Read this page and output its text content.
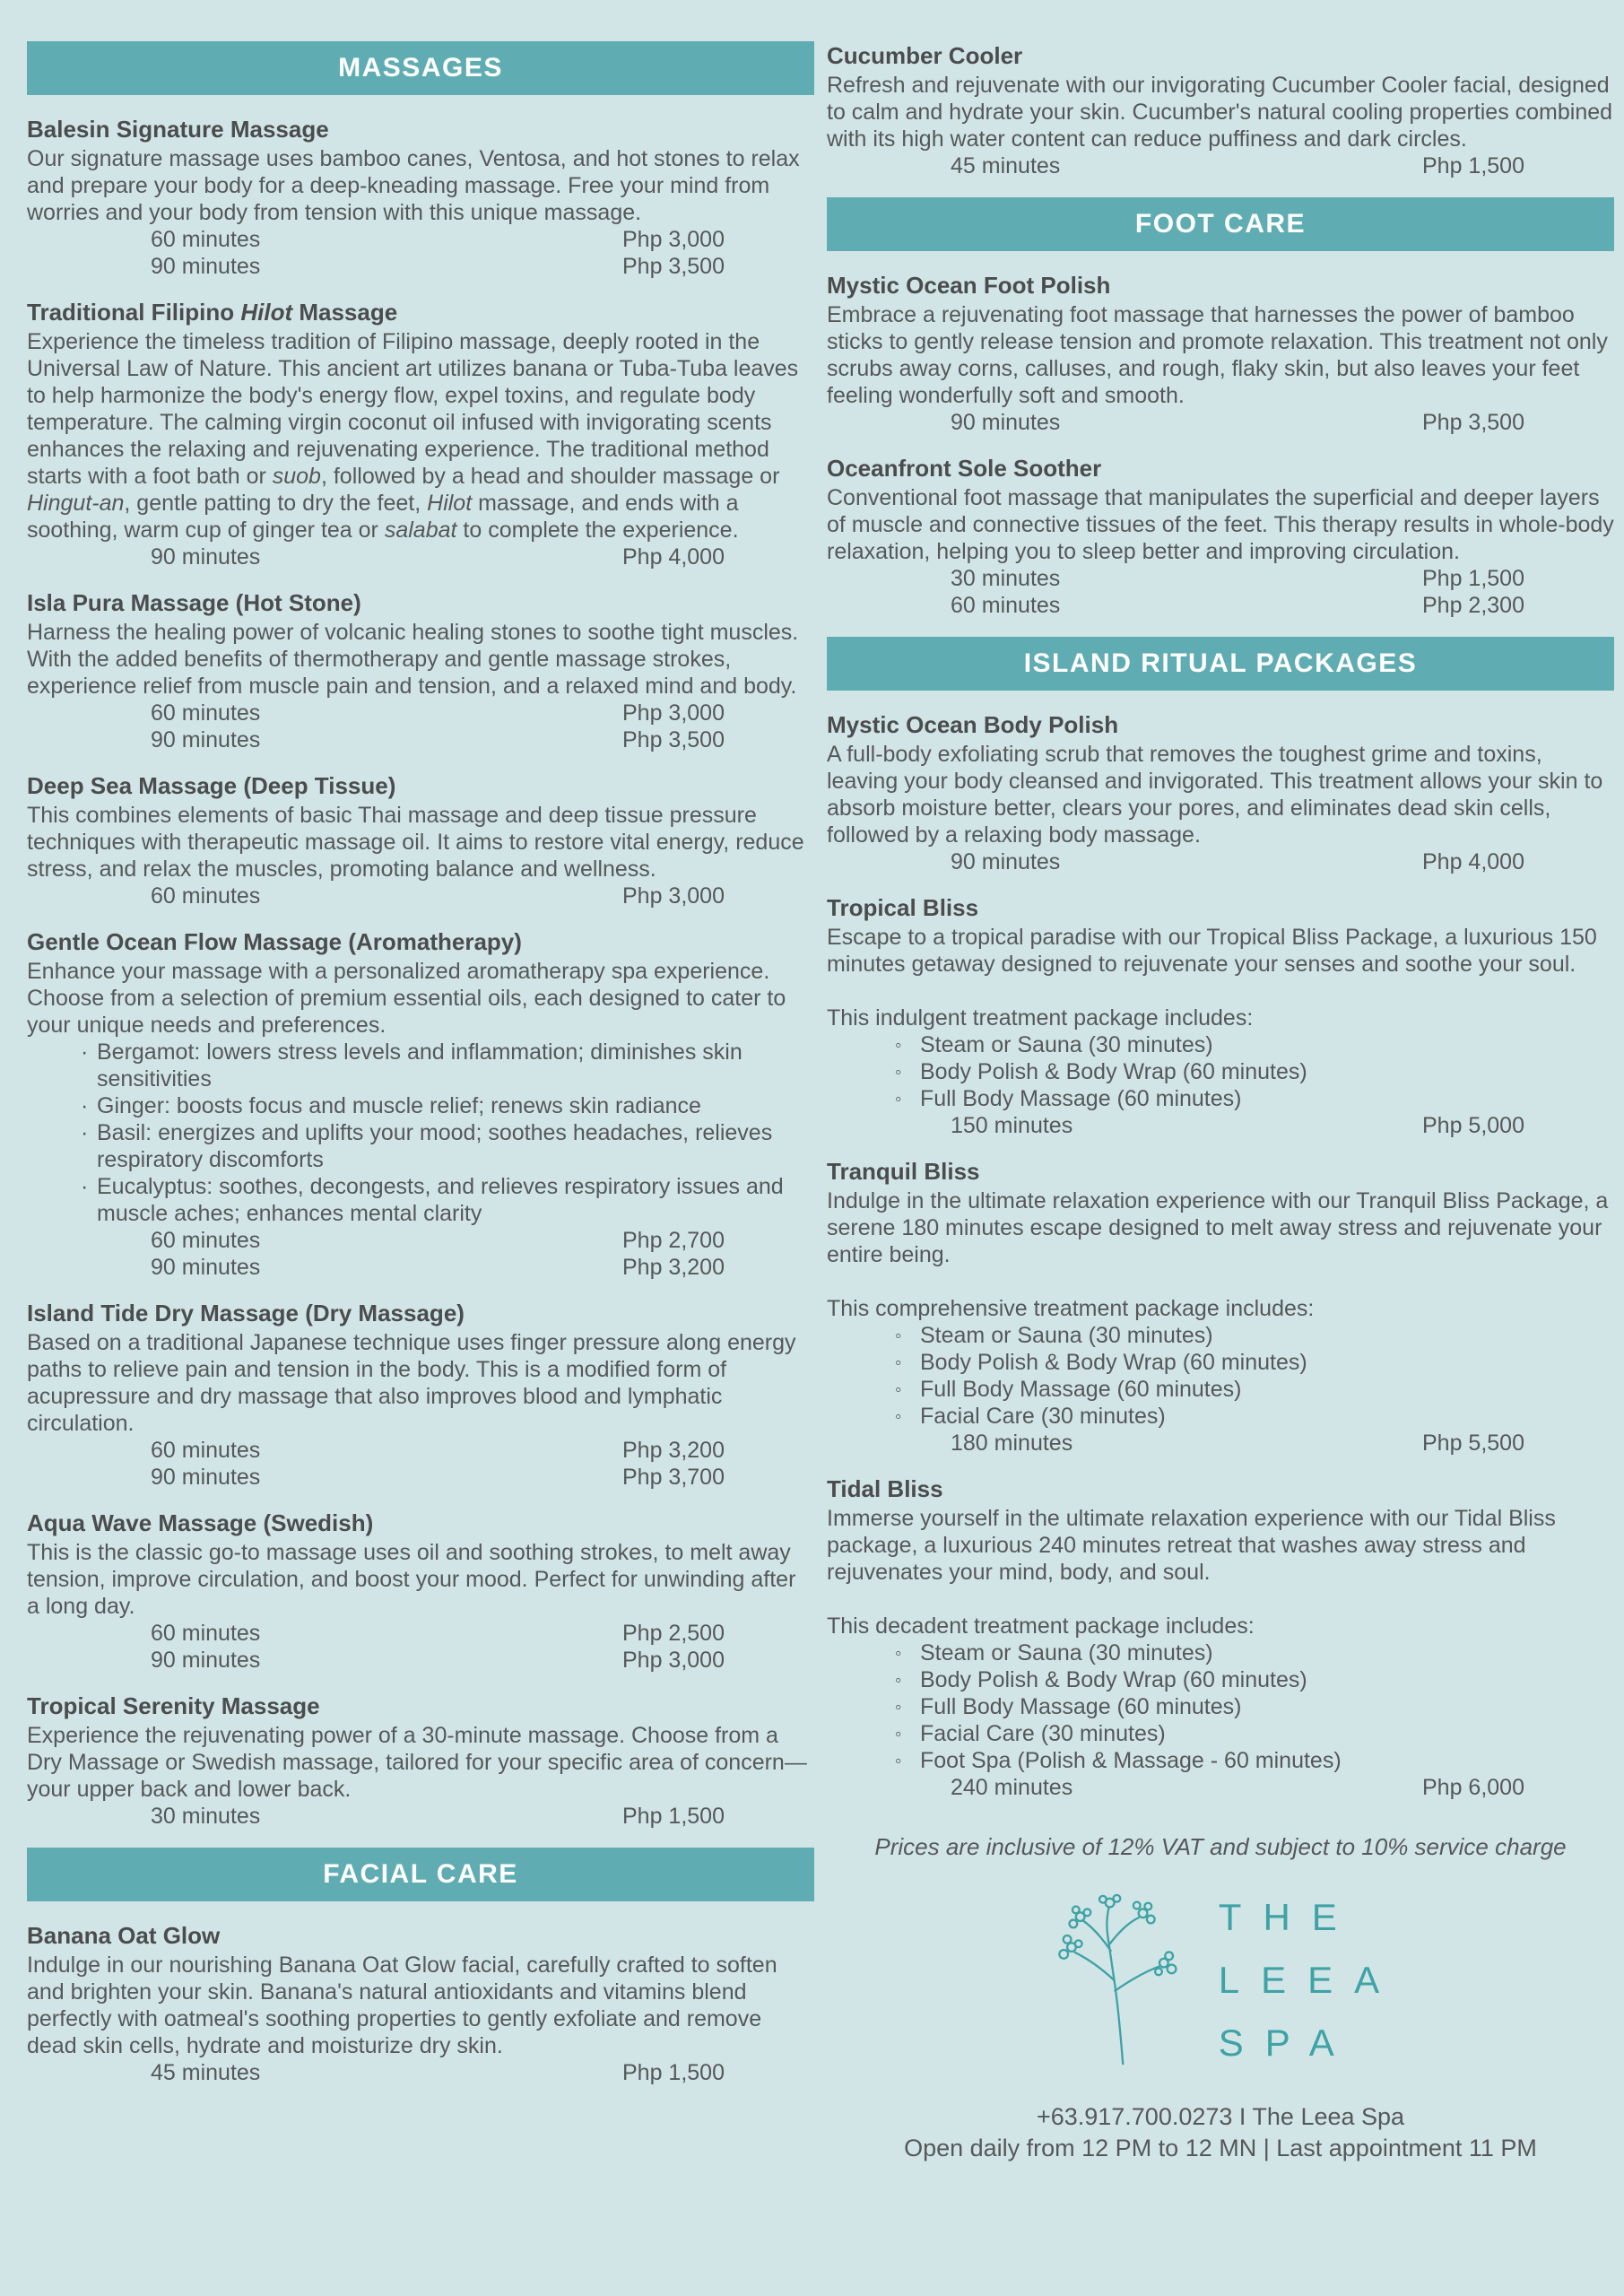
MASSAGES
Balesin Signature Massage
Our signature massage uses bamboo canes, Ventosa, and hot stones to relax and prepare your body for a deep-kneading massage. Free your mind from worries and your body from tension with this unique massage.
60 minutes	Php 3,000
90 minutes	Php 3,500
Traditional Filipino Hilot Massage
Experience the timeless tradition of Filipino massage, deeply rooted in the Universal Law of Nature. This ancient art utilizes banana or Tuba-Tuba leaves to help harmonize the body's energy flow, expel toxins, and regulate body temperature. The calming virgin coconut oil infused with invigorating scents enhances the relaxing and rejuvenating experience. The traditional method starts with a foot bath or suob, followed by a head and shoulder massage or Hingut-an, gentle patting to dry the feet, Hilot massage, and ends with a soothing, warm cup of ginger tea or salabat to complete the experience.
90 minutes	Php 4,000
Isla Pura Massage (Hot Stone)
Harness the healing power of volcanic healing stones to soothe tight muscles. With the added benefits of thermotherapy and gentle massage strokes, experience relief from muscle pain and tension, and a relaxed mind and body.
60 minutes	Php 3,000
90 minutes	Php 3,500
Deep Sea Massage (Deep Tissue)
This combines elements of basic Thai massage and deep tissue pressure techniques with therapeutic massage oil. It aims to restore vital energy, reduce stress, and relax the muscles, promoting balance and wellness.
60 minutes	Php 3,000
Gentle Ocean Flow Massage (Aromatherapy)
Enhance your massage with a personalized aromatherapy spa experience. Choose from a selection of premium essential oils, each designed to cater to your unique needs and preferences.
· Bergamot: lowers stress levels and inflammation; diminishes skin sensitivities
· Ginger: boosts focus and muscle relief; renews skin radiance
· Basil: energizes and uplifts your mood; soothes headaches, relieves respiratory discomforts
· Eucalyptus: soothes, decongests, and relieves respiratory issues and muscle aches; enhances mental clarity
60 minutes	Php 2,700
90 minutes	Php 3,200
Island Tide Dry Massage (Dry Massage)
Based on a traditional Japanese technique uses finger pressure along energy paths to relieve pain and tension in the body. This is a modified form of acupressure and dry massage that also improves blood and lymphatic circulation.
60 minutes	Php 3,200
90 minutes	Php 3,700
Aqua Wave Massage (Swedish)
This is the classic go-to massage uses oil and soothing strokes, to melt away tension, improve circulation, and boost your mood. Perfect for unwinding after a long day.
60 minutes	Php 2,500
90 minutes	Php 3,000
Tropical Serenity Massage
Experience the rejuvenating power of a 30-minute massage. Choose from a Dry Massage or Swedish massage, tailored for your specific area of concern—your upper back and lower back.
30 minutes	Php 1,500
FACIAL CARE
Banana Oat Glow
Indulge in our nourishing Banana Oat Glow facial, carefully crafted to soften and brighten your skin. Banana's natural antioxidants and vitamins blend perfectly with oatmeal's soothing properties to gently exfoliate and remove dead skin cells, hydrate and moisturize dry skin.
45 minutes	Php 1,500
Cucumber Cooler
Refresh and rejuvenate with our invigorating Cucumber Cooler facial, designed to calm and hydrate your skin. Cucumber's natural cooling properties combined with its high water content can reduce puffiness and dark circles.
45 minutes	Php 1,500
FOOT CARE
Mystic Ocean Foot Polish
Embrace a rejuvenating foot massage that harnesses the power of bamboo sticks to gently release tension and promote relaxation. This treatment not only scrubs away corns, calluses, and rough, flaky skin, but also leaves your feet feeling wonderfully soft and smooth.
90 minutes	Php 3,500
Oceanfront Sole Soother
Conventional foot massage that manipulates the superficial and deeper layers of muscle and connective tissues of the feet. This therapy results in whole-body relaxation, helping you to sleep better and improving circulation.
30 minutes	Php 1,500
60 minutes	Php 2,300
ISLAND RITUAL PACKAGES
Mystic Ocean Body Polish
A full-body exfoliating scrub that removes the toughest grime and toxins, leaving your body cleansed and invigorated. This treatment allows your skin to absorb moisture better, clears your pores, and eliminates dead skin cells, followed by a relaxing body massage.
90 minutes	Php 4,000
Tropical Bliss
Escape to a tropical paradise with our Tropical Bliss Package, a luxurious 150 minutes getaway designed to rejuvenate your senses and soothe your soul.
This indulgent treatment package includes:
◦ Steam or Sauna (30 minutes)
◦ Body Polish & Body Wrap (60 minutes)
◦ Full Body Massage (60 minutes)
150 minutes	Php 5,000
Tranquil Bliss
Indulge in the ultimate relaxation experience with our Tranquil Bliss Package, a serene 180 minutes escape designed to melt away stress and rejuvenate your entire being.
This comprehensive treatment package includes:
◦ Steam or Sauna (30 minutes)
◦ Body Polish & Body Wrap (60 minutes)
◦ Full Body Massage (60 minutes)
◦ Facial Care (30 minutes)
180 minutes	Php 5,500
Tidal Bliss
Immerse yourself in the ultimate relaxation experience with our Tidal Bliss package, a luxurious 240 minutes retreat that washes away stress and rejuvenates your mind, body, and soul.
This decadent treatment package includes:
◦ Steam or Sauna (30 minutes)
◦ Body Polish & Body Wrap (60 minutes)
◦ Full Body Massage (60 minutes)
◦ Facial Care (30 minutes)
◦ Foot Spa (Polish & Massage - 60 minutes)
240 minutes	Php 6,000
Prices are inclusive of 12% VAT and subject to 10% service charge
THE
LEEA
SPA
+63.917.700.0273 I The Leea Spa
Open daily from 12 PM to 12 MN | Last appointment 11 PM
